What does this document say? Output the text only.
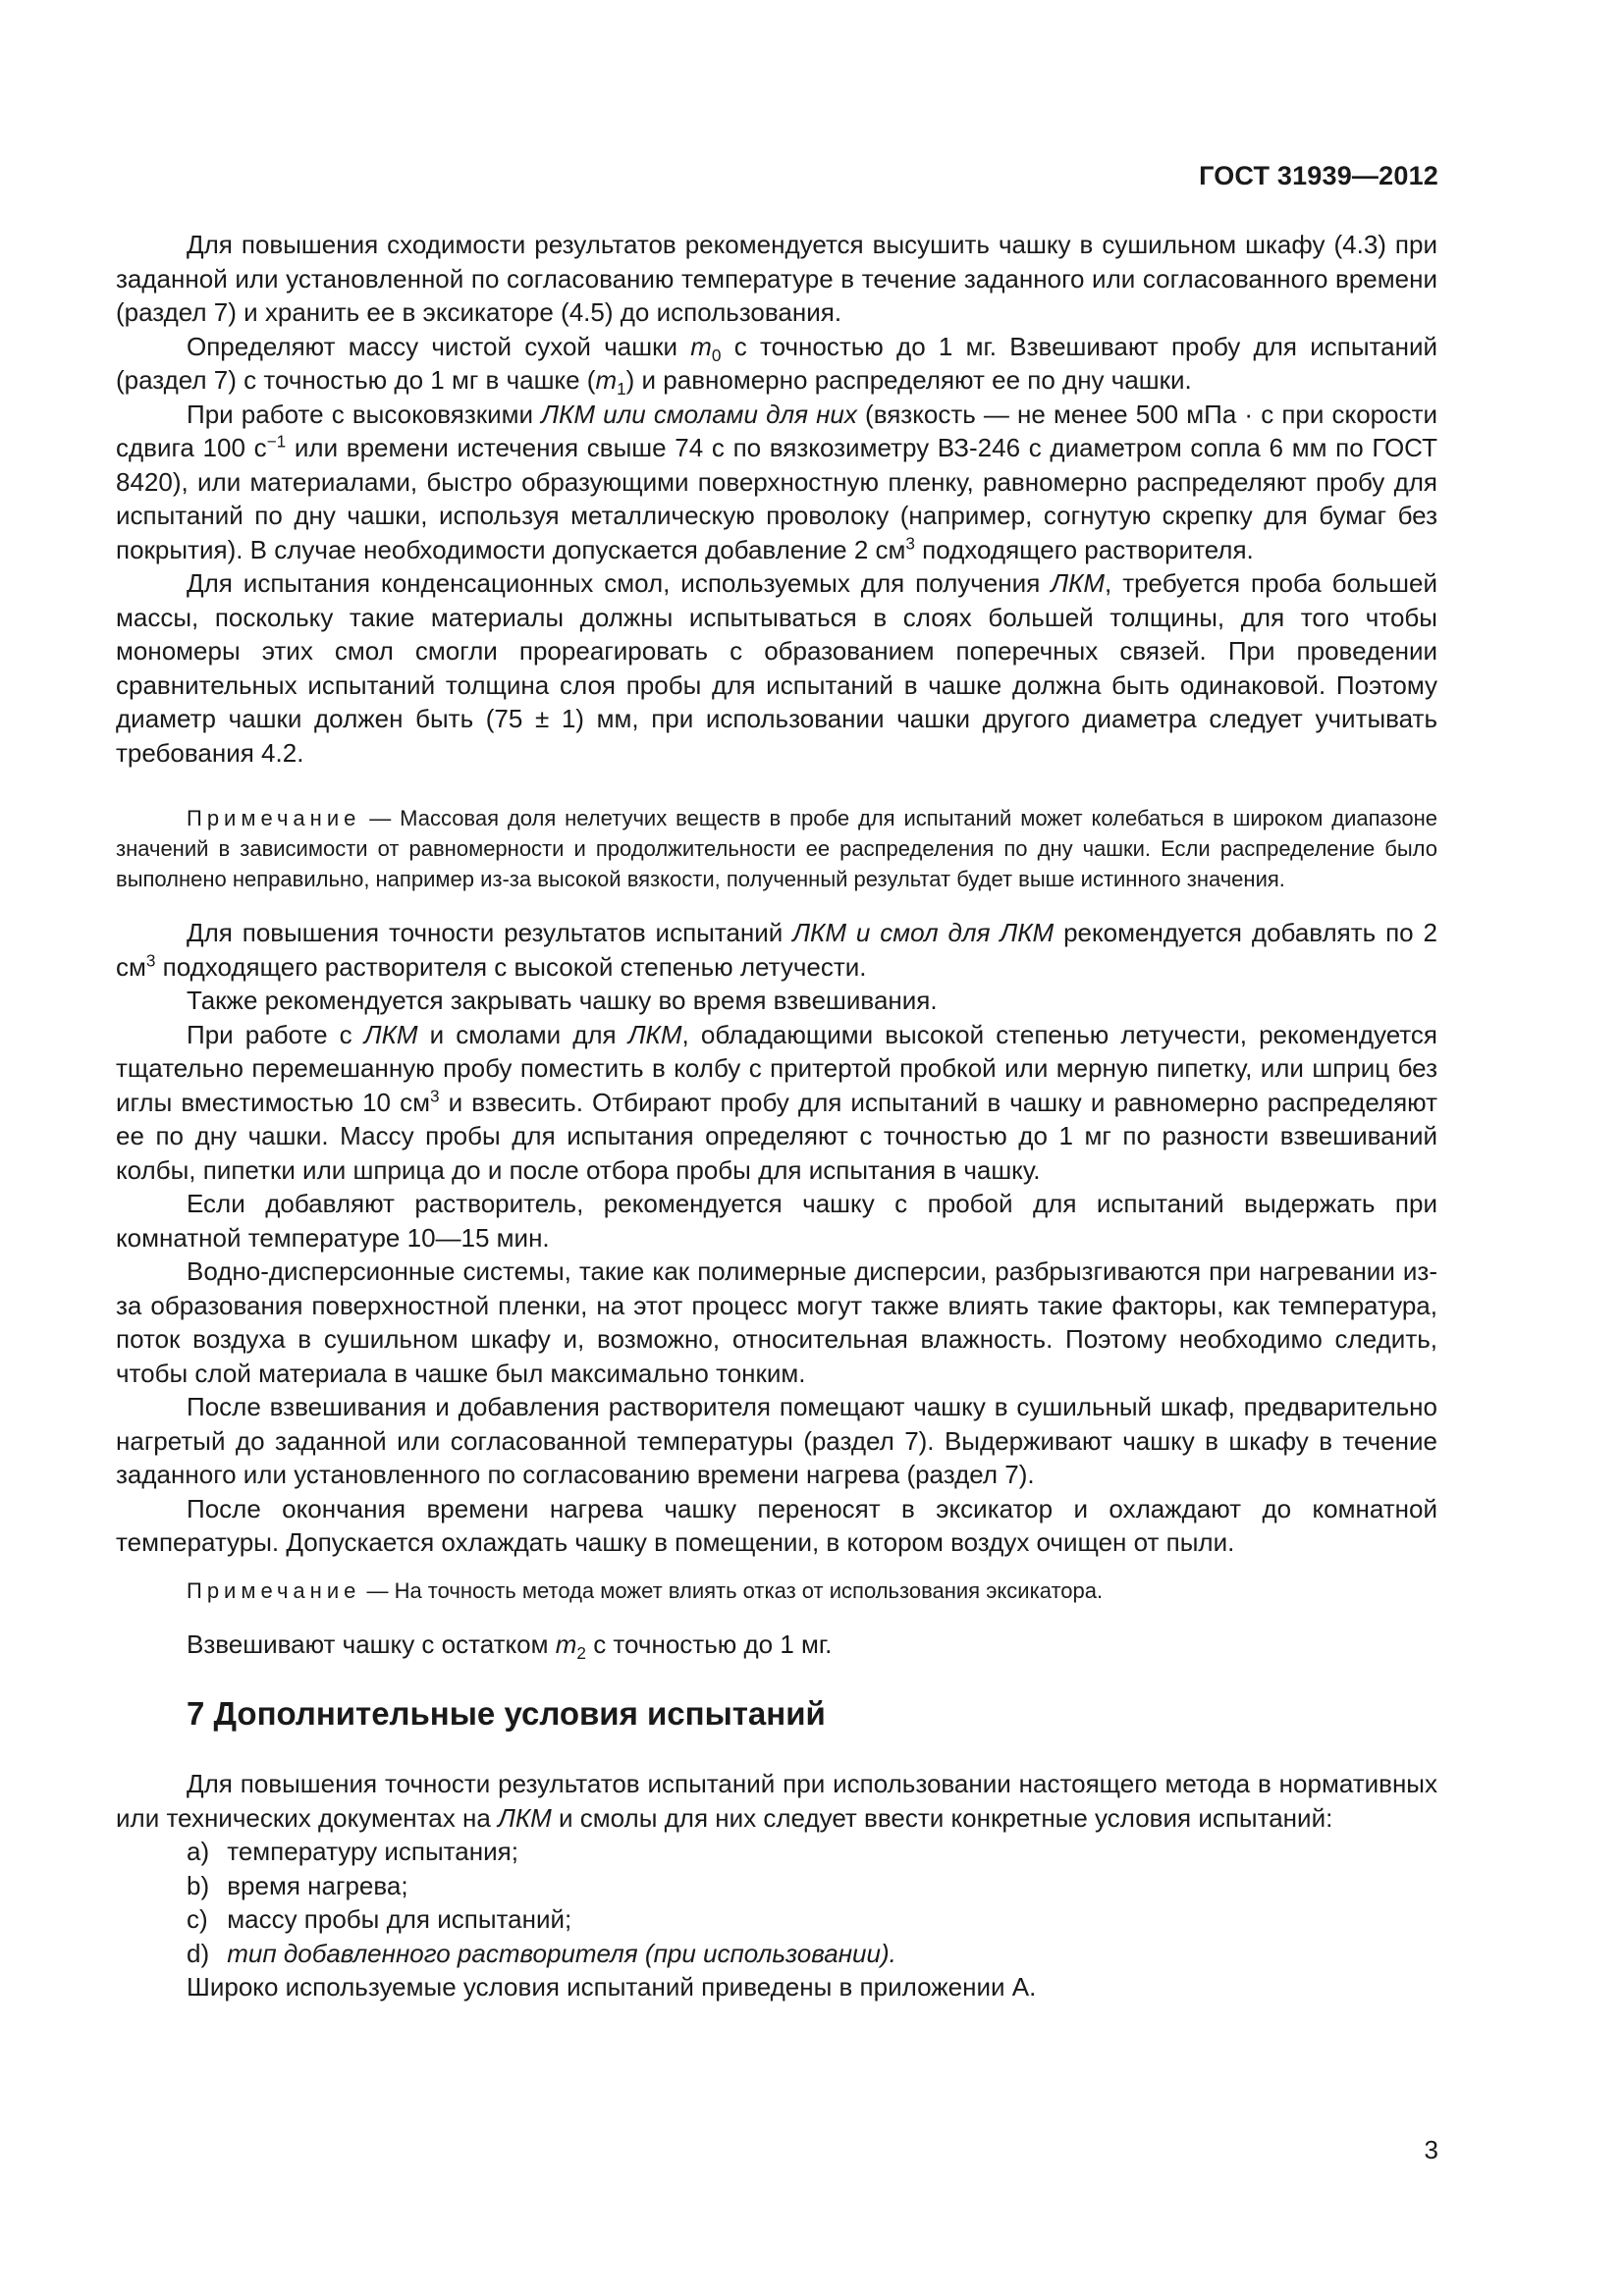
ГОСТ 31939—2012

Для повышения сходимости результатов рекомендуется высушить чашку в сушильном шкафу (4.3) при заданной или установленной по согласованию температуре в течение заданного или согласованного времени (раздел 7) и хранить ее в эксикаторе (4.5) до использования.

Определяют массу чистой сухой чашки $m_0$ с точностью до 1 мг. Взвешивают пробу для испытаний (раздел 7) с точностью до 1 мг в чашке $(m_1)$ и равномерно распределяют ее по дну чашки.

При работе с высоковязкими ЛКМ или смолами для них (вязкость — не менее 500 мПа · с при скорости сдвига 100 $с^{-1}$ или времени истечения свыше 74 с по вязкозиметру ВЗ-246 с диаметром сопла 6 мм по ГОСТ 8420), или материалами, быстро образующими поверхностную пленку, равномерно распределяют пробу для испытаний по дну чашки, используя металлическую проволоку (например, согнутую скрепку для бумаг без покрытия). В случае необходимости допускается добавление 2 $см^3$ подходящего растворителя.

Для испытания конденсационных смол, используемых для получения ЛКМ, требуется проба большей массы, поскольку такие материалы должны испытываться в слоях большей толщины, для того чтобы мономеры этих смол смогли прореагировать с образованием поперечных связей. При проведении сравнительных испытаний толщина слоя пробы для испытаний в чашке должна быть одинаковой. Поэтому диаметр чашки должен быть (75 ± 1) мм, при использовании чашки другого диаметра следует учитывать требования 4.2.

Примечание — Массовая доля нелетучих веществ в пробе для испытаний может колебаться в широком диапазоне значений в зависимости от равномерности и продолжительности ее распределения по дну чашки. Если распределение было выполнено неправильно, например из-за высокой вязкости, полученный результат будет выше истинного значения.

Для повышения точности результатов испытаний ЛКМ и смол для ЛКМ рекомендуется добавлять по 2 $см^3$ подходящего растворителя с высокой степенью летучести.

Также рекомендуется закрывать чашку во время взвешивания.

При работе с ЛКМ и смолами для ЛКМ, обладающими высокой степенью летучести, рекомендуется тщательно перемешанную пробу поместить в колбу с притертой пробкой или мерную пипетку, или шприц без иглы вместимостью 10 $см^3$ и взвесить. Отбирают пробу для испытаний в чашку и равномерно распределяют ее по дну чашки. Массу пробы для испытания определяют с точностью до 1 мг по разности взвешиваний колбы, пипетки или шприца до и после отбора пробы для испытания в чашку.

Если добавляют растворитель, рекомендуется чашку с пробой для испытаний выдержать при комнатной температуре 10—15 мин.

Водно-дисперсионные системы, такие как полимерные дисперсии, разбрызгиваются при нагревании из-за образования поверхностной пленки, на этот процесс могут также влиять такие факторы, как температура, поток воздуха в сушильном шкафу и, возможно, относительная влажность. Поэтому необходимо следить, чтобы слой материала в чашке был максимально тонким.

После взвешивания и добавления растворителя помещают чашку в сушильный шкаф, предварительно нагретый до заданной или согласованной температуры (раздел 7). Выдерживают чашку в шкафу в течение заданного или установленного по согласованию времени нагрева (раздел 7).

После окончания времени нагрева чашку переносят в эксикатор и охлаждают до комнатной температуры. Допускается охлаждать чашку в помещении, в котором воздух очищен от пыли.

Примечание — На точность метода может влиять отказ от использования эксикатора.

Взвешивают чашку с остатком $m_2$ с точностью до 1 мг.

7 Дополнительные условия испытаний

Для повышения точности результатов испытаний при использовании настоящего метода в нормативных или технических документах на ЛКМ и смолы для них следует ввести конкретные условия испытаний:

а) температуру испытания;
b) время нагрева;
с) массу пробы для испытаний;
d) тип добавленного растворителя (при использовании).

Широко используемые условия испытаний приведены в приложении А.

3
